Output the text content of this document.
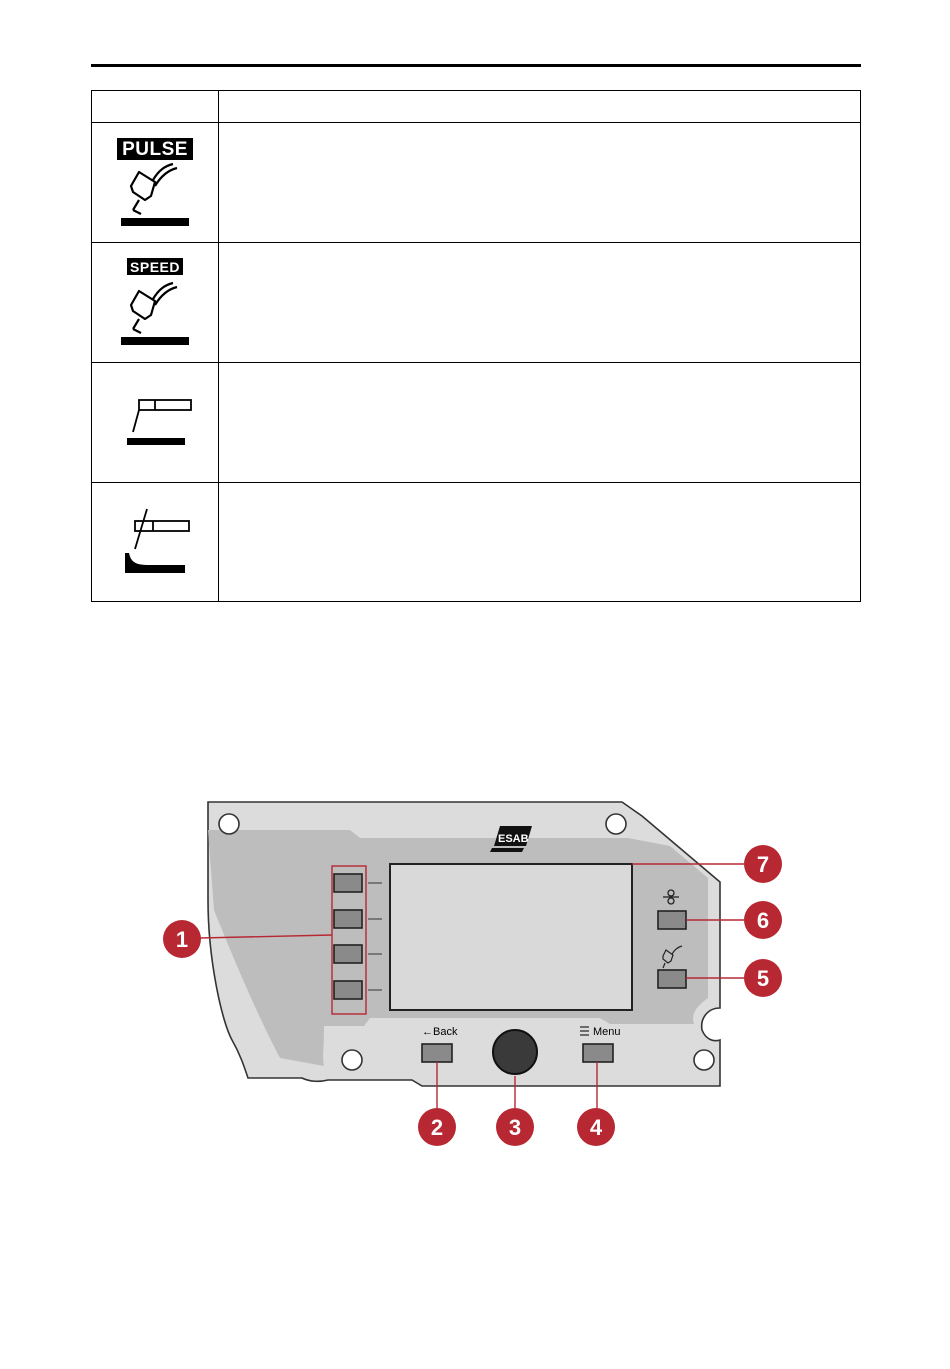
PULSE	

SPEED	

ESAB
← Back	Menu
1
2	3	4
5
6
7
